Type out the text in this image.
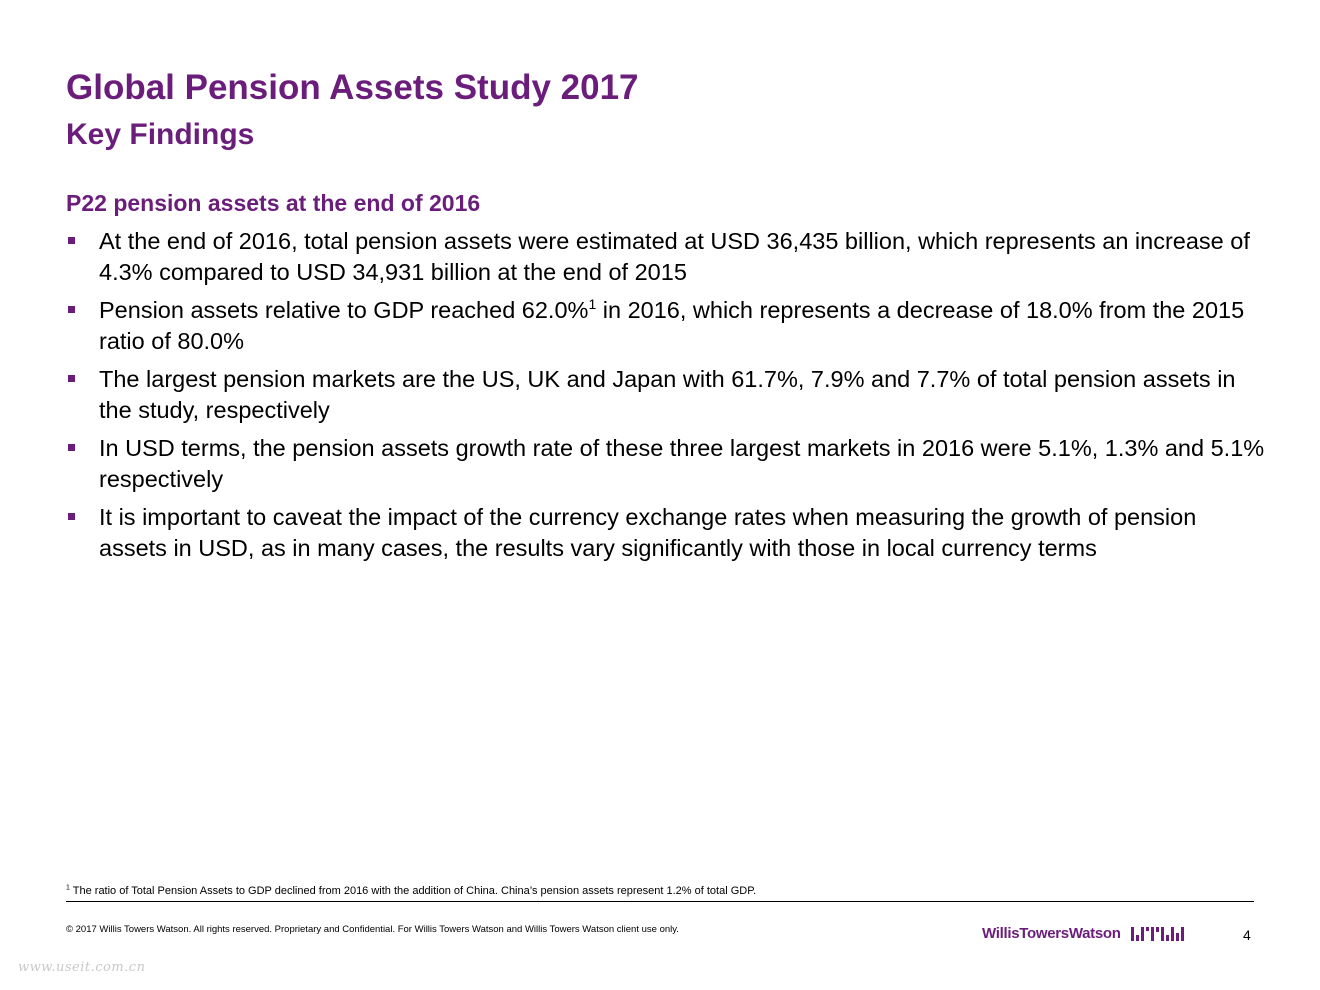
Global Pension Assets Study 2017
Key Findings
P22 pension assets at the end of 2016
At the end of 2016, total pension assets were estimated at USD 36,435 billion, which represents an increase of 4.3% compared to USD 34,931 billion at the end of 2015
Pension assets relative to GDP reached 62.0%$^1$ in 2016, which represents a decrease of 18.0% from the 2015 ratio of 80.0%
The largest pension markets are the US, UK and Japan with 61.7%, 7.9% and 7.7% of total pension assets in the study, respectively
In USD terms, the pension assets growth rate of these three largest markets in 2016 were 5.1%, 1.3% and 5.1% respectively
It is important to caveat the impact of the currency exchange rates when measuring the growth of pension assets in USD, as in many cases, the results vary significantly with those in local currency terms
$^1$ The ratio of Total Pension Assets to GDP declined from 2016 with the addition of China. China’s pension assets represent 1.2% of total GDP.
© 2017 Willis Towers Watson. All rights reserved. Proprietary and Confidential. For Willis Towers Watson and Willis Towers Watson client use only.	WillisTowersWatson	4
www.useit.com.cn
